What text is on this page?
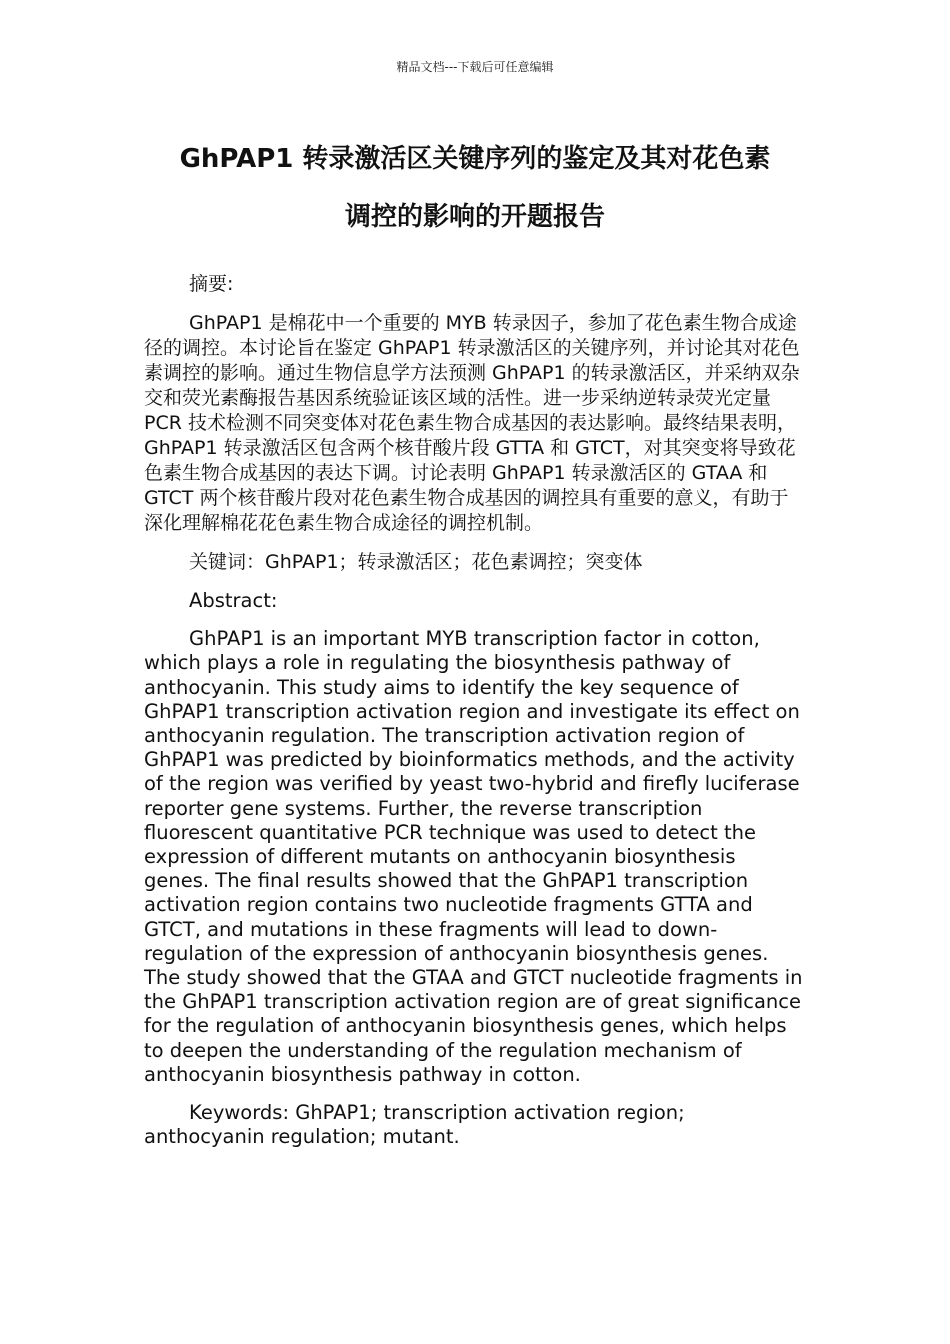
精品文档---下载后可任意编辑
GhPAP1 转录激活区关键序列的鉴定及其对花色素
调控的影响的开题报告

摘要:

GhPAP1 是棉花中一个重要的 MYB 转录因子，参加了花色素生物合成途径的调控。本讨论旨在鉴定 GhPAP1 转录激活区的关键序列，并讨论其对花色素调控的影响。通过生物信息学方法预测 GhPAP1 的转录激活区，并采纳双杂交和荧光素酶报告基因系统验证该区域的活性。进一步采纳逆转录荧光定量 PCR 技术检测不同突变体对花色素生物合成基因的表达影响。最终结果表明，GhPAP1 转录激活区包含两个核苷酸片段 GTTA 和 GTCT，对其突变将导致花色素生物合成基因的表达下调。讨论表明 GhPAP1 转录激活区的 GTAA 和 GTCT 两个核苷酸片段对花色素生物合成基因的调控具有重要的意义，有助于深化理解棉花花色素生物合成途径的调控机制。

关键词：GhPAP1；转录激活区；花色素调控；突变体

Abstract:

GhPAP1 is an important MYB transcription factor in cotton, which plays a role in regulating the biosynthesis pathway of anthocyanin. This study aims to identify the key sequence of GhPAP1 transcription activation region and investigate its effect on anthocyanin regulation. The transcription activation region of GhPAP1 was predicted by bioinformatics methods, and the activity of the region was verified by yeast two-hybrid and firefly luciferase reporter gene systems. Further, the reverse transcription fluorescent quantitative PCR technique was used to detect the expression of different mutants on anthocyanin biosynthesis genes. The final results showed that the GhPAP1 transcription activation region contains two nucleotide fragments GTTA and GTCT, and mutations in these fragments will lead to down-regulation of the expression of anthocyanin biosynthesis genes. The study showed that the GTAA and GTCT nucleotide fragments in the GhPAP1 transcription activation region are of great significance for the regulation of anthocyanin biosynthesis genes, which helps to deepen the understanding of the regulation mechanism of anthocyanin biosynthesis pathway in cotton.

Keywords: GhPAP1; transcription activation region; anthocyanin regulation; mutant.
